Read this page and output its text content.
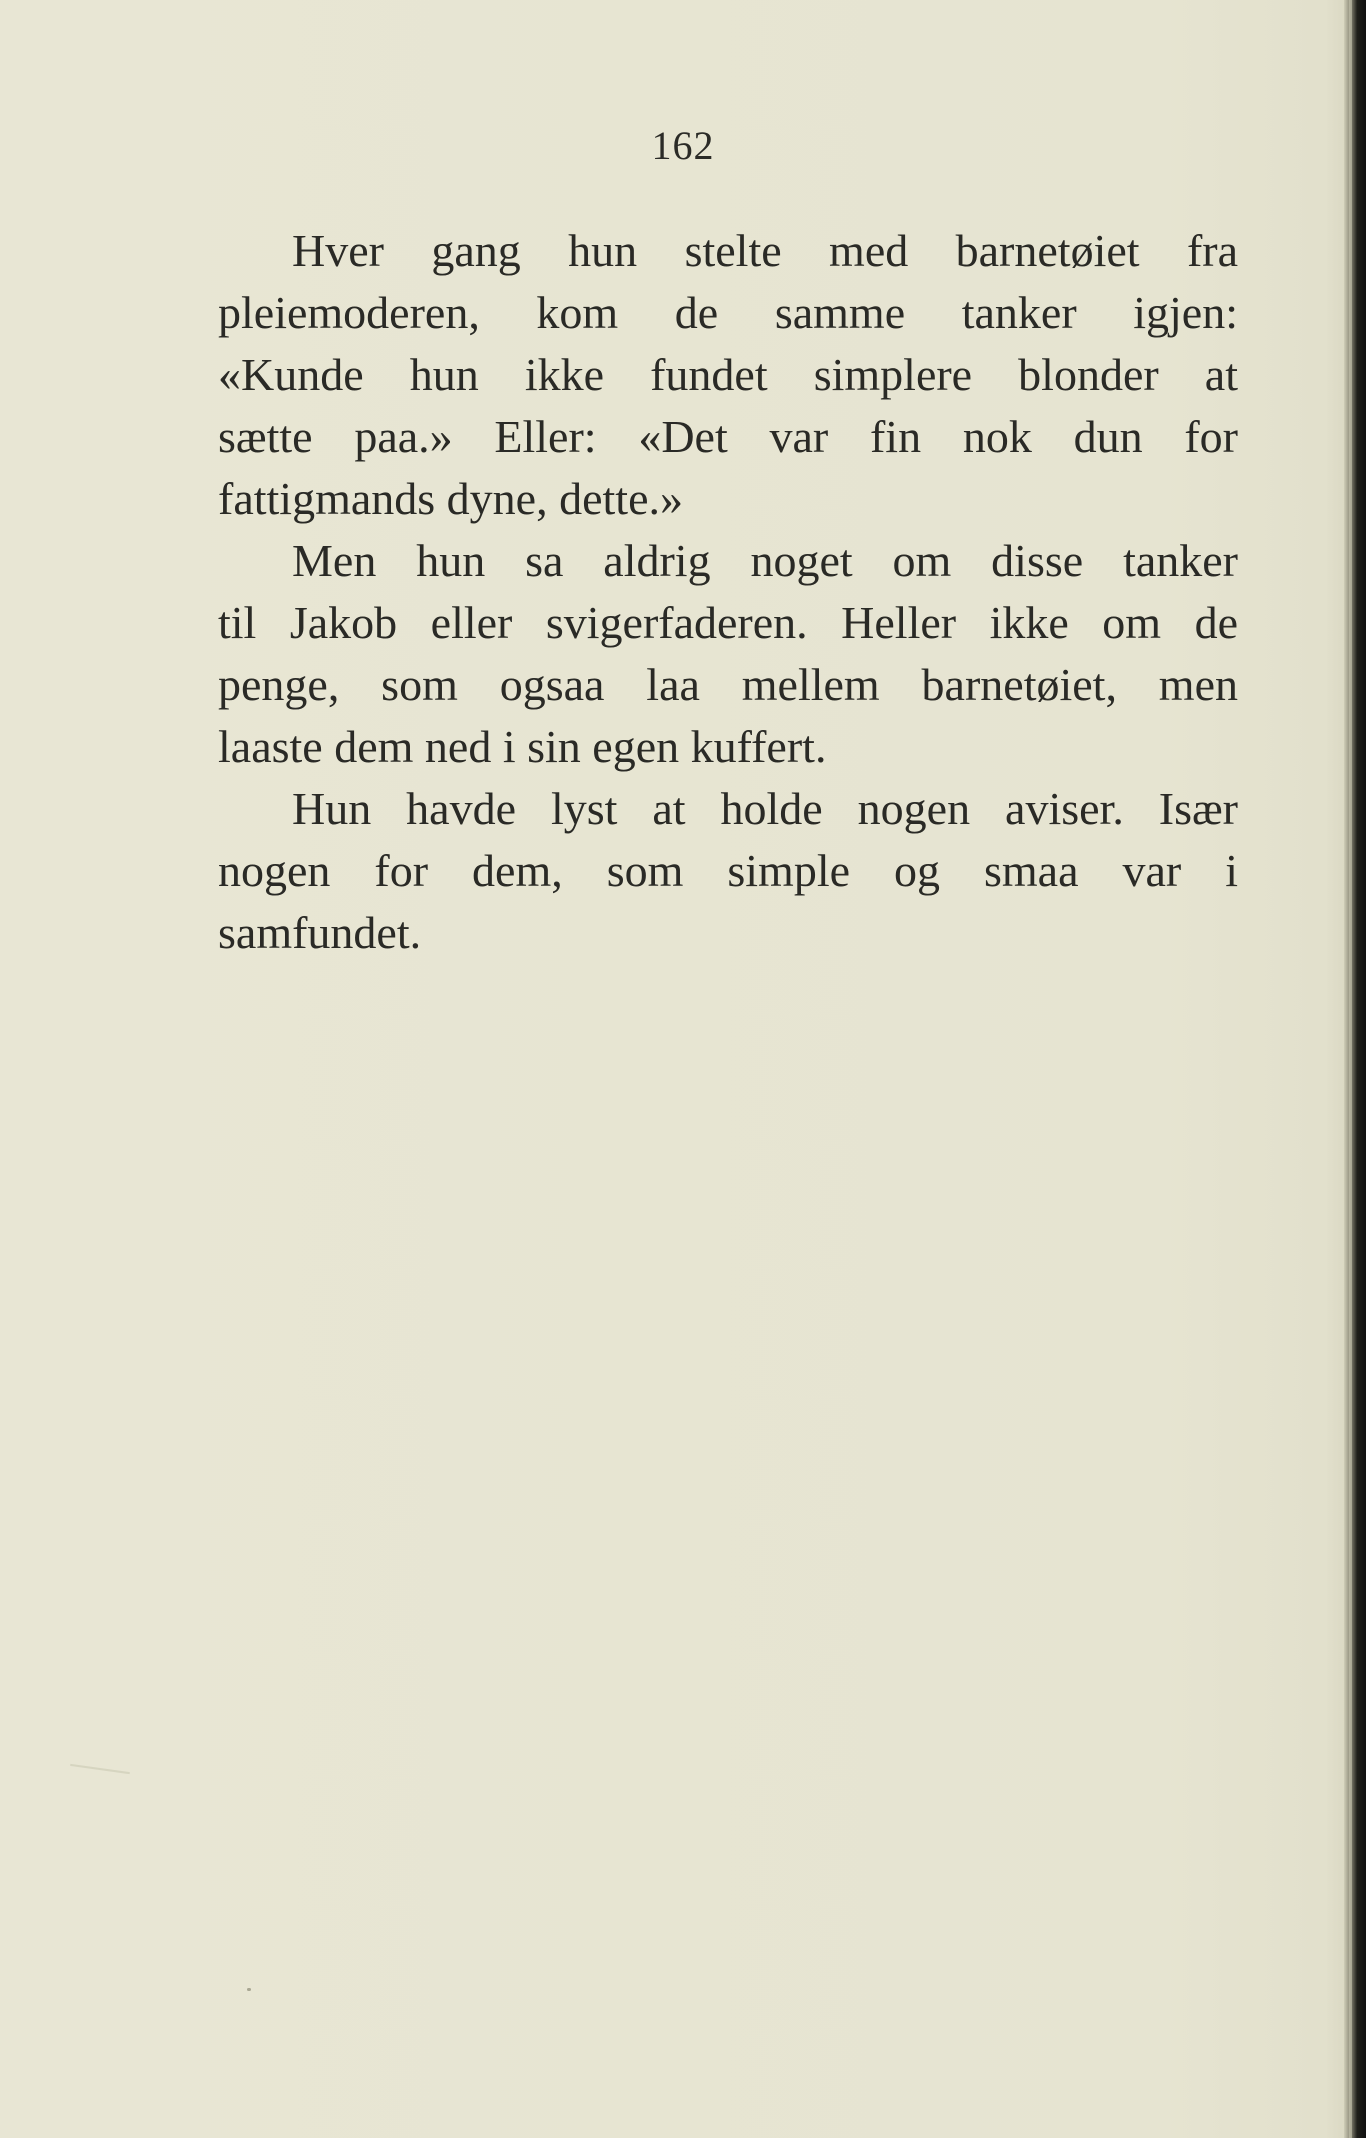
162
Hver gang hun stelte med barnetøiet fra
pleiemoderen, kom de samme tanker igjen:
«Kunde hun ikke fundet simplere blonder at
sætte paa.» Eller: «Det var fin nok dun for
fattigmands dyne, dette.»
Men hun sa aldrig noget om disse tanker
til Jakob eller svigerfaderen. Heller ikke om de
penge, som ogsaa laa mellem barnetøiet, men
laaste dem ned i sin egen kuffert.
Hun havde lyst at holde nogen aviser. Især
nogen for dem, som simple og smaa var i
samfundet.
